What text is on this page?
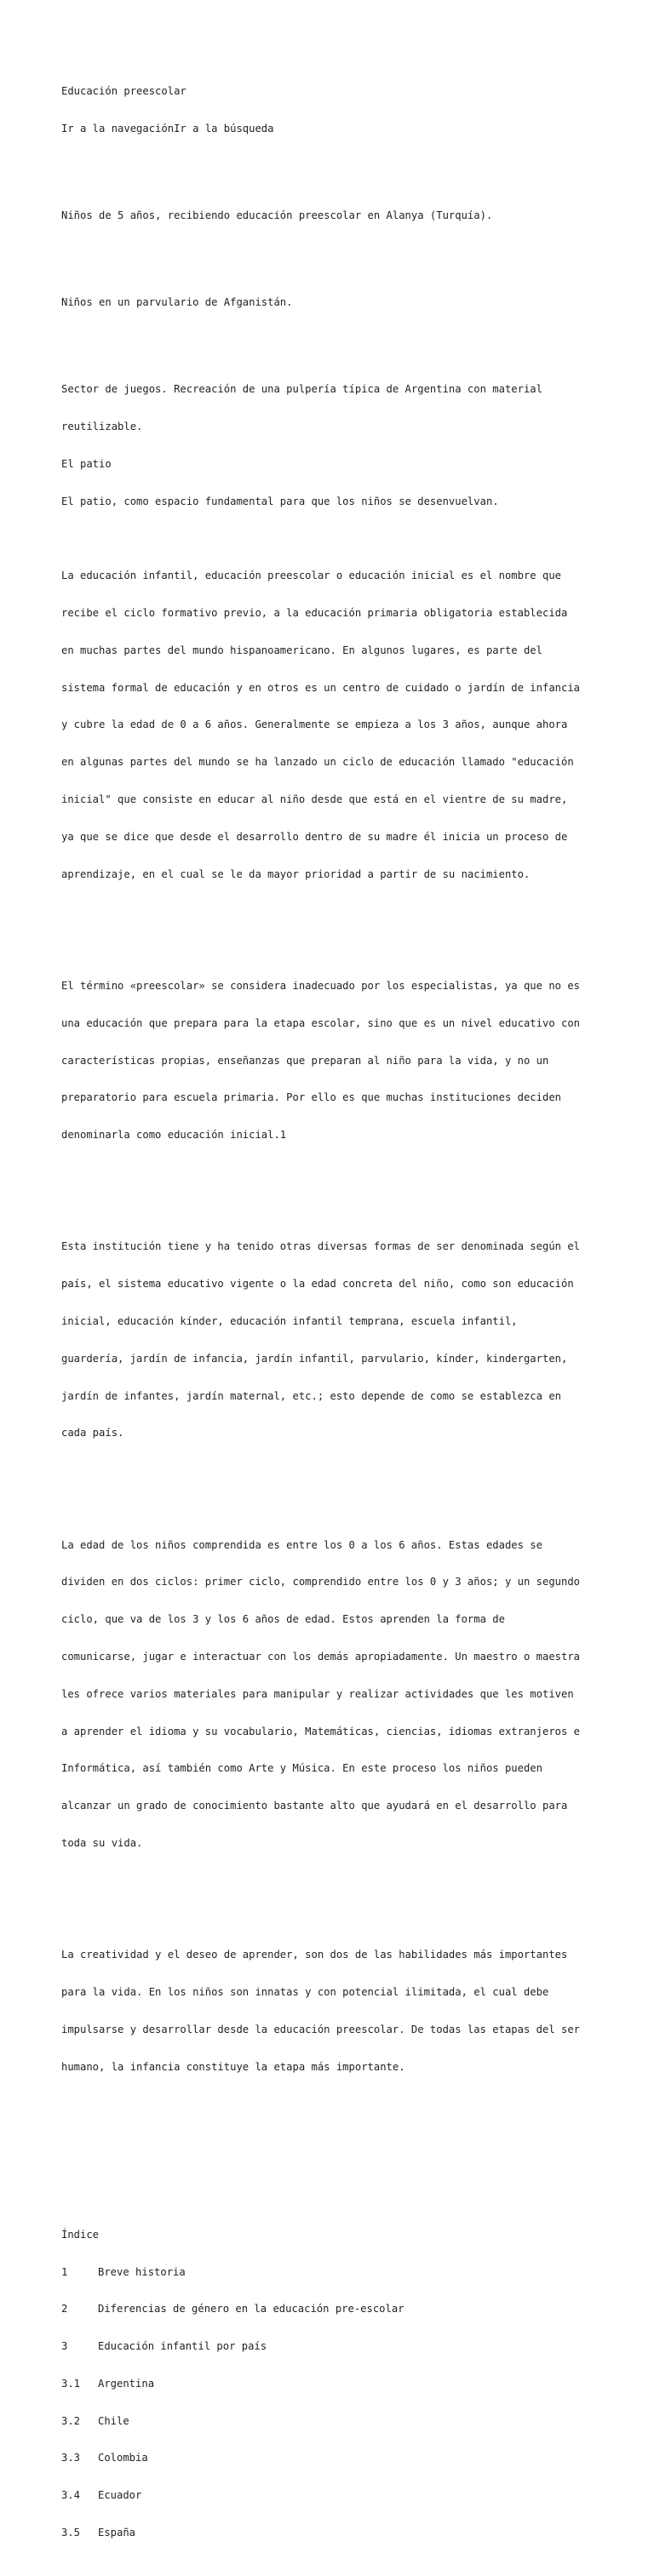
Educación preescolar

Ir a la navegaciónIr a la búsqueda

Niños de 5 años, recibiendo educación preescolar en Alanya (Turquía).

Niños en un parvulario de Afganistán.

Sector de juegos. Recreación de una pulpería típica de Argentina con material

reutilizable.

El patio

El patio, como espacio fundamental para que los niños se desenvuelvan.

La educación infantil, educación preescolar o educación inicial es el nombre que

recibe el ciclo formativo previo, a la educación primaria obligatoria establecida

en muchas partes del mundo hispanoamericano. En algunos lugares, es parte del

sistema formal de educación y en otros es un centro de cuidado o jardín de infancia

y cubre la edad de 0 a 6 años. Generalmente se empieza a los 3 años, aunque ahora

en algunas partes del mundo se ha lanzado un ciclo de educación llamado "educación

inicial" que consiste en educar al niño desde que está en el vientre de su madre,

ya que se dice que desde el desarrollo dentro de su madre él inicia un proceso de

aprendizaje, en el cual se le da mayor prioridad a partir de su nacimiento.

El término «preescolar» se considera inadecuado por los especialistas, ya que no es

una educación que prepara para la etapa escolar, sino que es un nivel educativo con

características propias, enseñanzas que preparan al niño para la vida, y no un

preparatorio para escuela primaria. Por ello es que muchas instituciones deciden

denominarla como educación inicial.1

Esta institución tiene y ha tenido otras diversas formas de ser denominada según el

país, el sistema educativo vigente o la edad concreta del niño, como son educación

inicial, educación kínder, educación infantil temprana, escuela infantil,

guardería, jardín de infancia, jardín infantil, parvulario, kínder, kindergarten,

jardín de infantes, jardín maternal, etc.; esto depende de como se establezca en

cada país.

La edad de los niños comprendida es entre los 0 a los 6 años. Estas edades se

dividen en dos ciclos: primer ciclo, comprendido entre los 0 y 3 años; y un segundo

ciclo, que va de los 3 y los 6 años de edad. Estos aprenden la forma de

comunicarse, jugar e interactuar con los demás apropiadamente. Un maestro o maestra

les ofrece varios materiales para manipular y realizar actividades que les motiven

a aprender el idioma y su vocabulario, Matemáticas, ciencias, idiomas extranjeros e

Informática, así también como Arte y Música. En este proceso los niños pueden

alcanzar un grado de conocimiento bastante alto que ayudará en el desarrollo para

toda su vida.

La creatividad y el deseo de aprender, son dos de las habilidades más importantes

para la vida. En los niños son innatas y con potencial ilimitada, el cual debe

impulsarse y desarrollar desde la educación preescolar. De todas las etapas del ser

humano, la infancia constituye la etapa más importante.

Índice

1	Breve historia

2	Diferencias de género en la educación pre-escolar

3	Educación infantil por país

3.1	Argentina

3.2	Chile

3.3	Colombia

3.4	Ecuador

3.5	España
